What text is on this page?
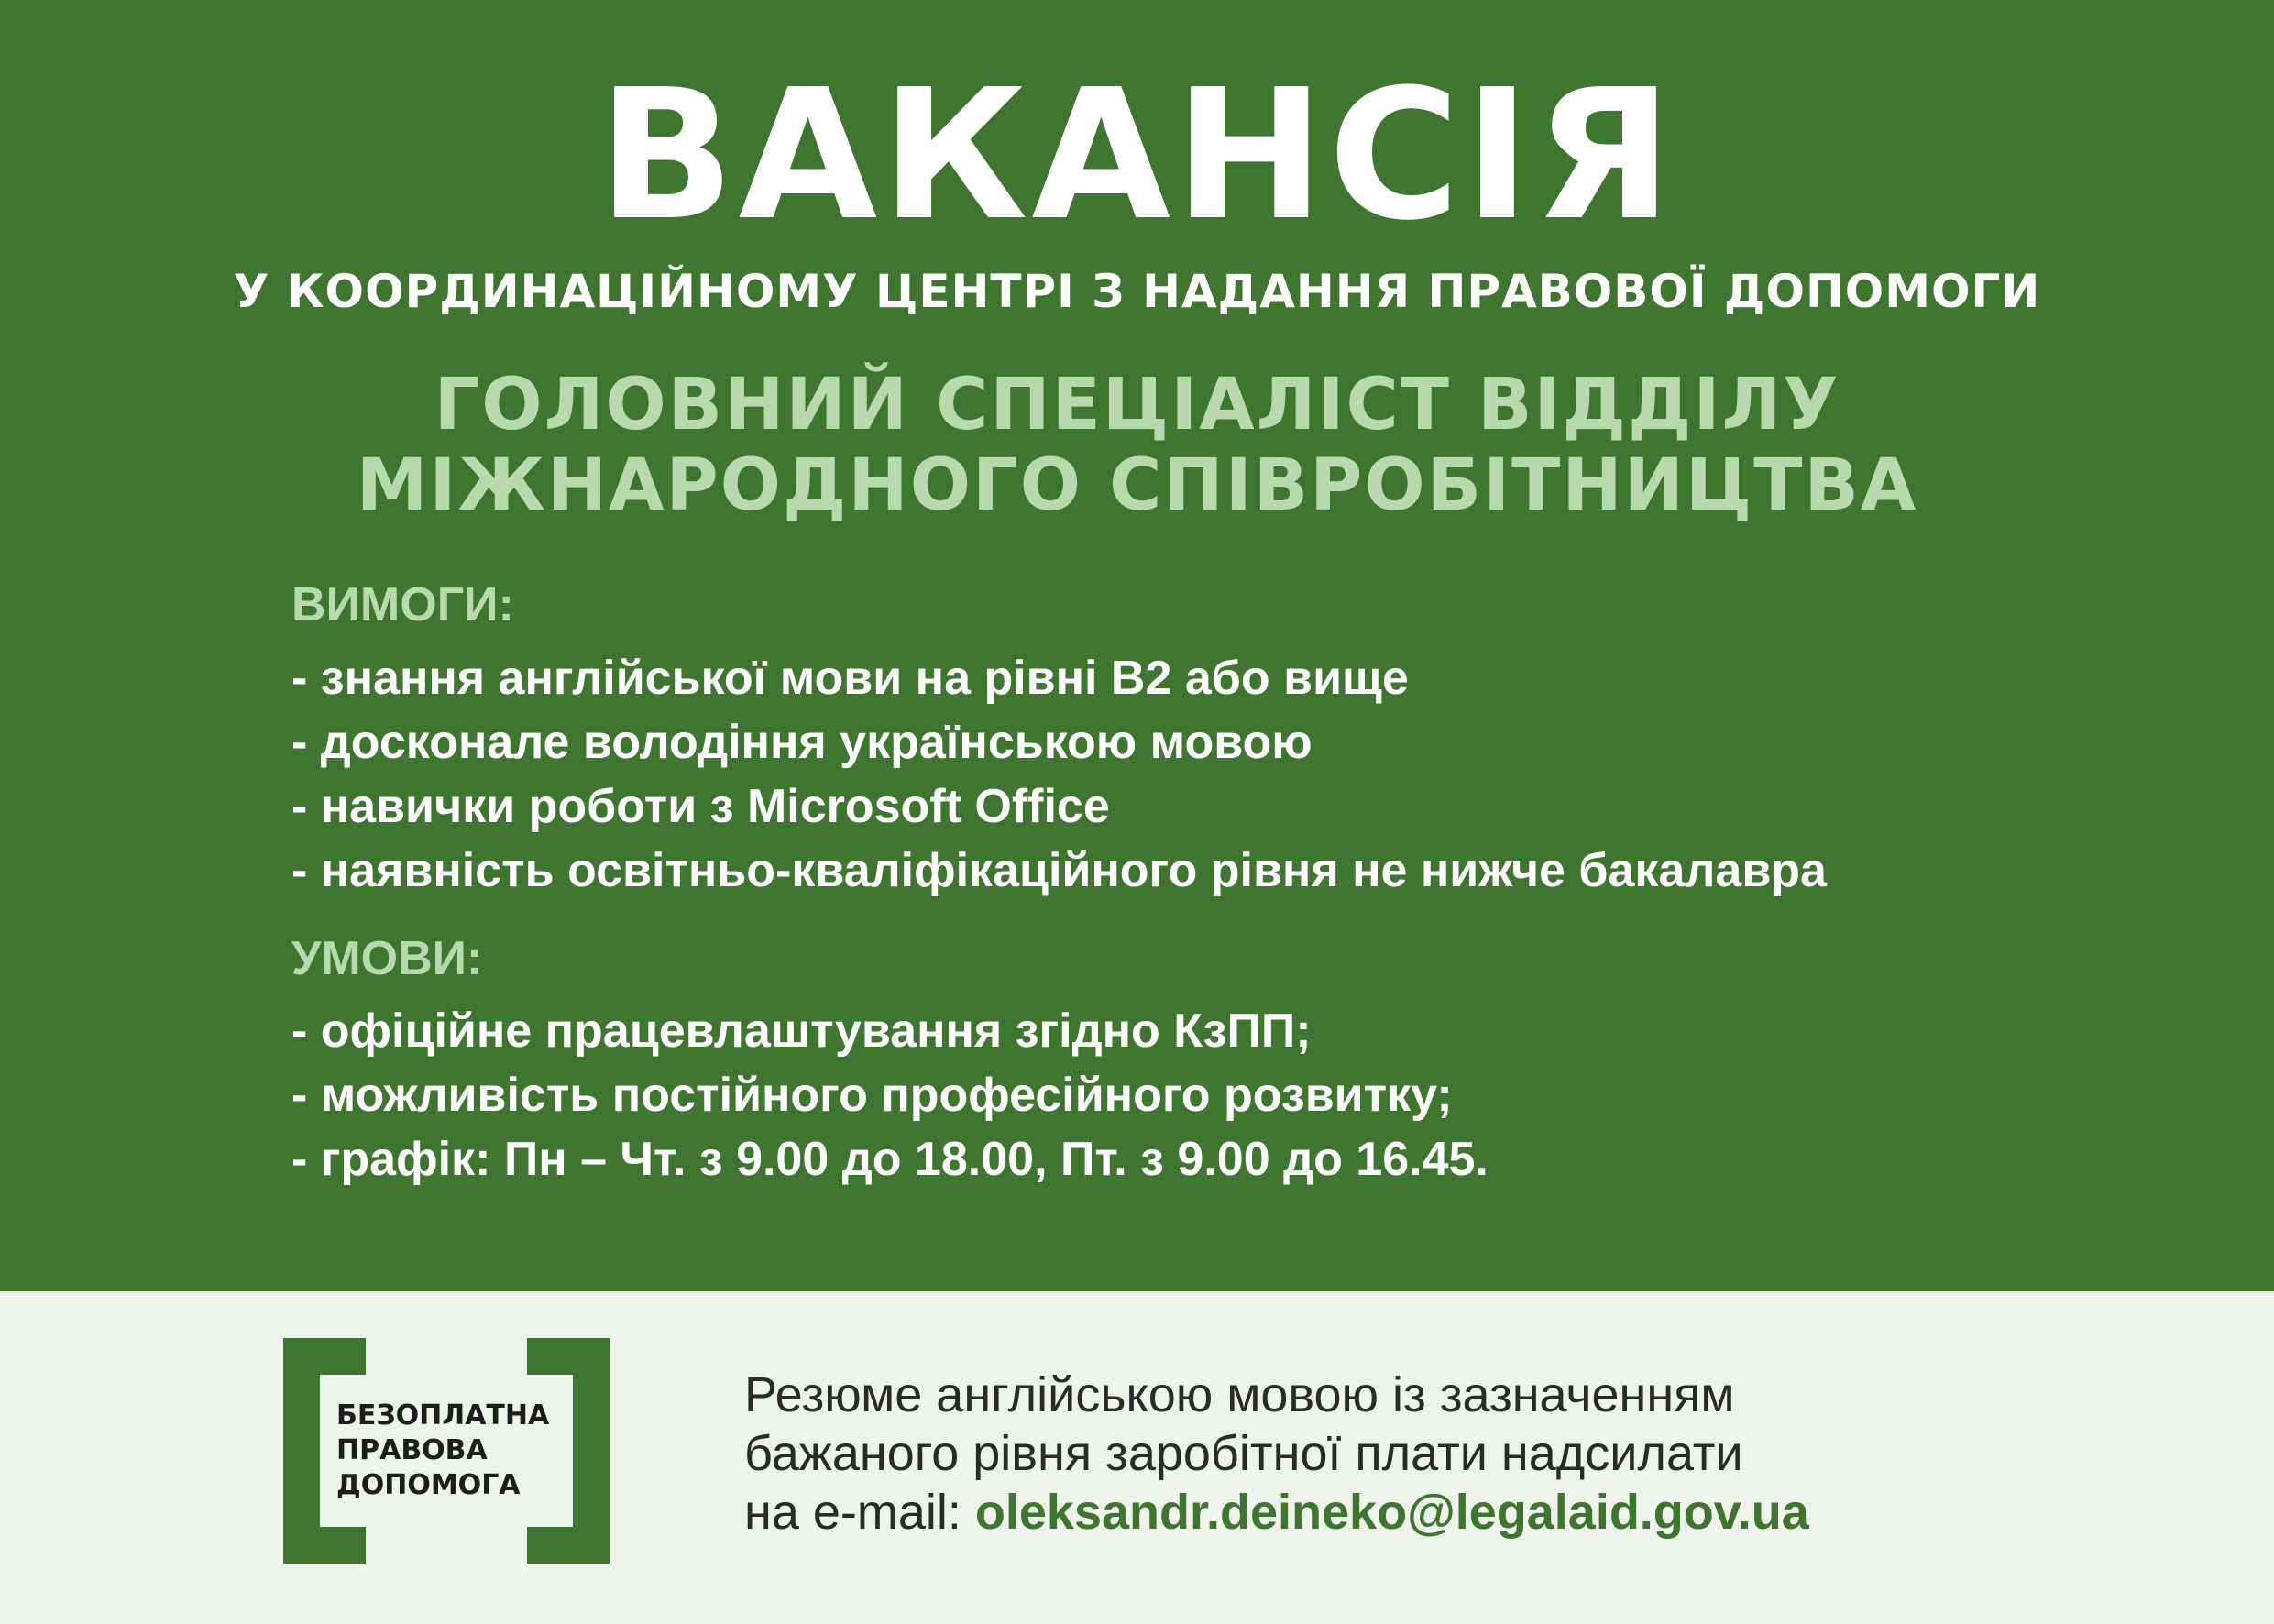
ВАКАНСІЯ
У КООРДИНАЦІЙНОМУ ЦЕНТРІ З НАДАННЯ ПРАВОВОЇ ДОПОМОГИ
ГОЛОВНИЙ СПЕЦІАЛІСТ ВІДДІЛУ
МІЖНАРОДНОГО СПІВРОБІТНИЦТВА
ВИМОГИ:
- знання англійської мови на рівні В2 або вище
- досконале володіння українською мовою
- навички роботи з Microsoft Office
- наявність освітньо-кваліфікаційного рівня не нижче бакалавра
УМОВИ:
- офіційне працевлаштування згідно КзПП;
- можливість постійного професійного розвитку;
- графік: Пн – Чт. з 9.00 до 18.00, Пт. з 9.00 до 16.45.
БЕЗОПЛАТНА
ПРАВОВА
ДОПОМОГА
Резюме англійською мовою із зазначенням
бажаного рівня заробітної плати надсилати
на e-mail: oleksandr.deineko@legalaid.gov.ua
